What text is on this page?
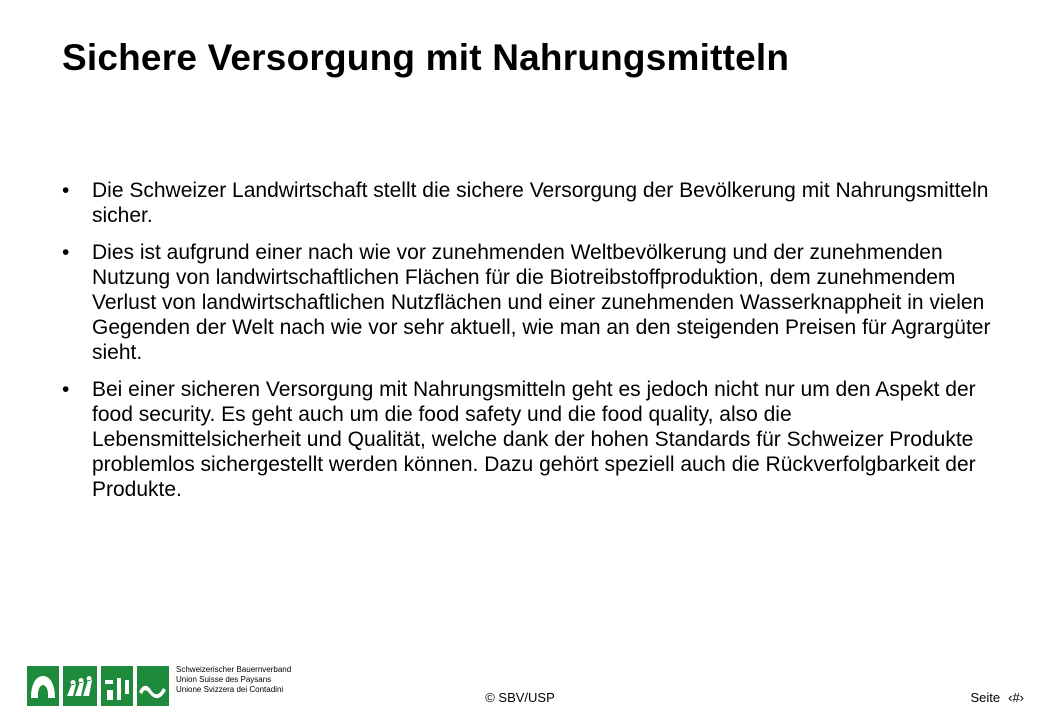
Sichere Versorgung mit Nahrungsmitteln
• Die Schweizer Landwirtschaft stellt die sichere Versorgung der Bevölkerung mit Nahrungsmitteln sicher.
• Dies ist aufgrund einer nach wie vor zunehmenden Weltbevölkerung und der zunehmenden Nutzung von landwirtschaftlichen Flächen für die Biotreibstoffproduktion, dem zunehmendem Verlust von landwirtschaftlichen Nutzflächen und einer zunehmenden Wasserknappheit in vielen Gegenden der Welt nach wie vor sehr aktuell, wie man an den steigenden Preisen für Agrargüter sieht.
• Bei einer sicheren Versorgung mit Nahrungsmitteln geht es jedoch nicht nur um den Aspekt der food security. Es geht auch um die food safety und die food quality, also die Lebensmittelsicherheit und Qualität, welche dank der hohen Standards für Schweizer Produkte problemlos sichergestellt werden können. Dazu gehört speziell auch die Rückverfolgbarkeit der Produkte.
Schweizerischer Bauernverband
Union Suisse des Paysans
Unione Svizzera dei Contadini
© SBV/USP	Seite ‹#›
